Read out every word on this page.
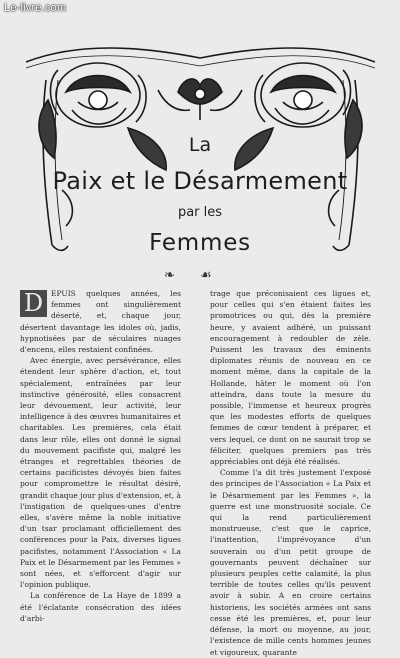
Le-livre.com
La
Paix et le Désarmement
par les
Femmes
❧ ☙

D	EPUIS quelques années, les femmes ont singulièrement déserté, et, chaque jour, désertent davantage les idoles où, jadis, hypnotisées par de séculaires nuages d'encens, elles restaient confinées.

Avec énergie, avec persévérance, elles étendent leur sphère d'action, et, tout spécialement, entraînées par leur instinctive générosité, elles consacrent leur dévouement, leur activité, leur intelligence à des œuvres humanitaires et charitables. Les premières, cela était dans leur rôle, elles ont donné le signal du mouvement pacifiste qui, malgré les étranges et regrettables théories de certains pacificistes dévoyés bien faites pour compromettre le résultat désiré, grandit chaque jour plus d'extension, et, à l'instigation de quelques-unes d'entre elles, s'avère même la noble initiative d'un tsar proclamant officiellement des conférences pour la Paix, diverses ligues pacifistes, notamment l'Association « La Paix et le Désarmement par les Femmes » sont nées, et s'efforcent d'agir sur l'opinion publique.

La conférence de La Haye de 1899 a été l'éclatante consécration des idées d'arbi-

trage que préconisaient ces ligues et, pour celles qui s'en étaient faites les promotrices ou qui, dès la première heure, y avaient adhéré, un puissant encouragement à redoubler de zèle. Puissent les travaux des éminents diplomates réunis de nouveau en ce moment même, dans la capitale de la Hollande, hâter le moment où l'on atteindra, dans toute la mesure du possible, l'immense et heureux progrès que les modestes efforts de quelques femmes de cœur tendent à préparer, et vers lequel, ce dont on ne saurait trop se féliciter, quelques premiers pas très appréciables ont déjà été réalisés.

Comme l'a dit très justement l'exposé des principes de l'Association « La Paix et le Désarmement par les Femmes », la guerre est une monstruosité sociale. Ce qui la rend particulièrement monstrueuse, c'est que le caprice, l'inattention, l'imprévoyance d'un souverain ou d'un petit groupe de gouvernants peuvent déchaîner sur plusieurs peuples cette calamité, la plus terrible de toutes celles qu'ils peuvent avoir à subir. A en croire certains historiens, les sociétés armées ont sans cesse été les premières, et, pour leur défense, la mort ou moyenne, au jour, l'existence de mille cents hommes jeunes et vigoureux, quarante
